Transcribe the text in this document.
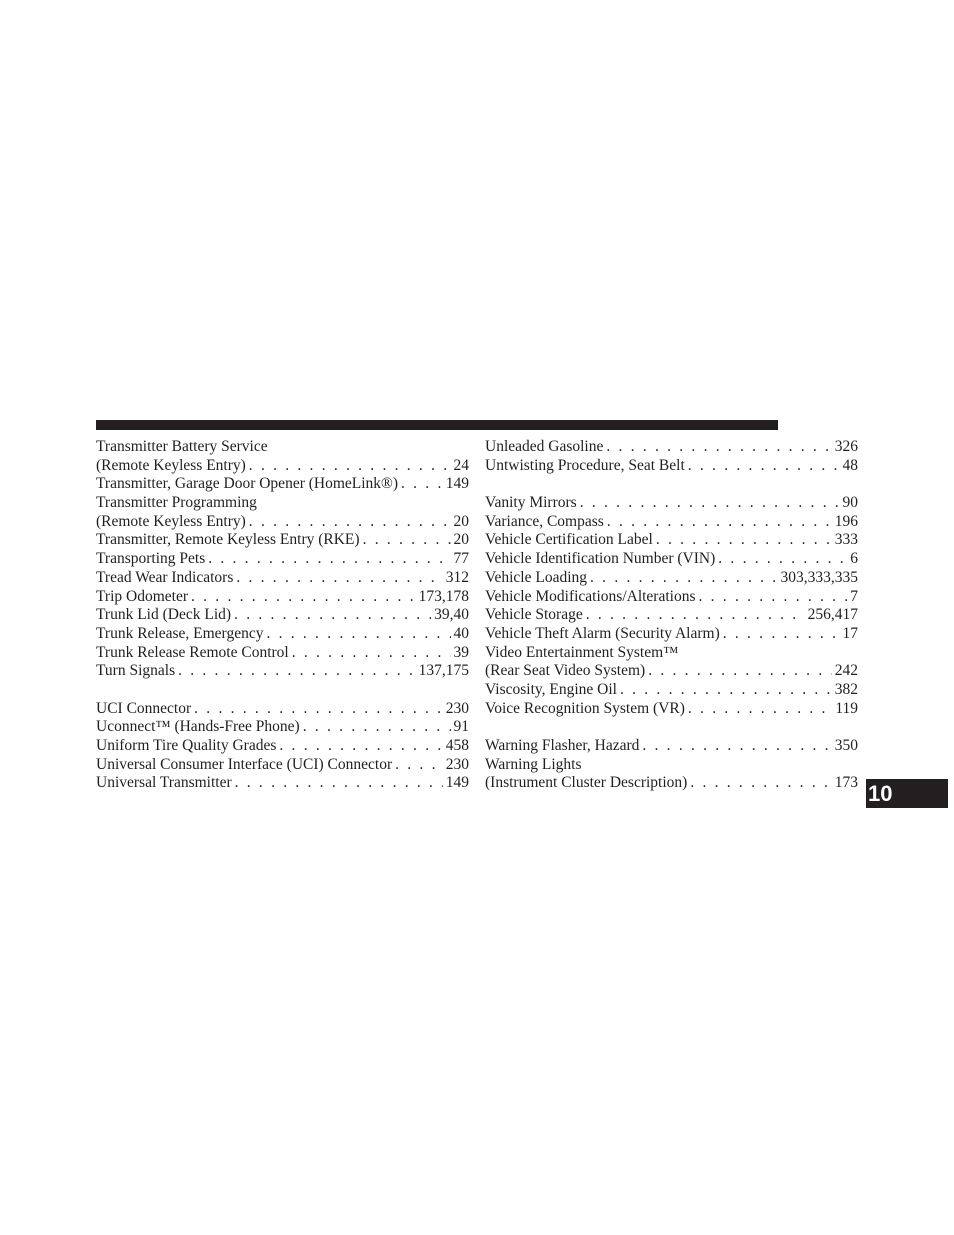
Transmitter Battery Service
(Remote Keyless Entry) . . .	24
Transmitter, Garage Door Opener (HomeLink®) . . .	149
Transmitter Programming
(Remote Keyless Entry) . . .	20
Transmitter, Remote Keyless Entry (RKE) . . .	20
Transporting Pets . . .	77
Tread Wear Indicators . . .	312
Trip Odometer . . .	173,178
Trunk Lid (Deck Lid) . . .	39,40
Trunk Release, Emergency . . .	40
Trunk Release Remote Control . . .	39
Turn Signals . . .	137,175
UCI Connector . . .	230
Uconnect™ (Hands-Free Phone) . . .	91
Uniform Tire Quality Grades . . .	458
Universal Consumer Interface (UCI) Connector . . .	230
Universal Transmitter . . .	149
Unleaded Gasoline . . .	326
Untwisting Procedure, Seat Belt . . .	48
Vanity Mirrors . . .	90
Variance, Compass . . .	196
Vehicle Certification Label . . .	333
Vehicle Identification Number (VIN) . . .	6
Vehicle Loading . . .	303,333,335
Vehicle Modifications/Alterations . . .	7
Vehicle Storage . . .	256,417
Vehicle Theft Alarm (Security Alarm) . . .	17
Video Entertainment System™
(Rear Seat Video System) . . .	242
Viscosity, Engine Oil . . .	382
Voice Recognition System (VR) . . .	119
Warning Flasher, Hazard . . .	350
Warning Lights
(Instrument Cluster Description) . . .	173 10
